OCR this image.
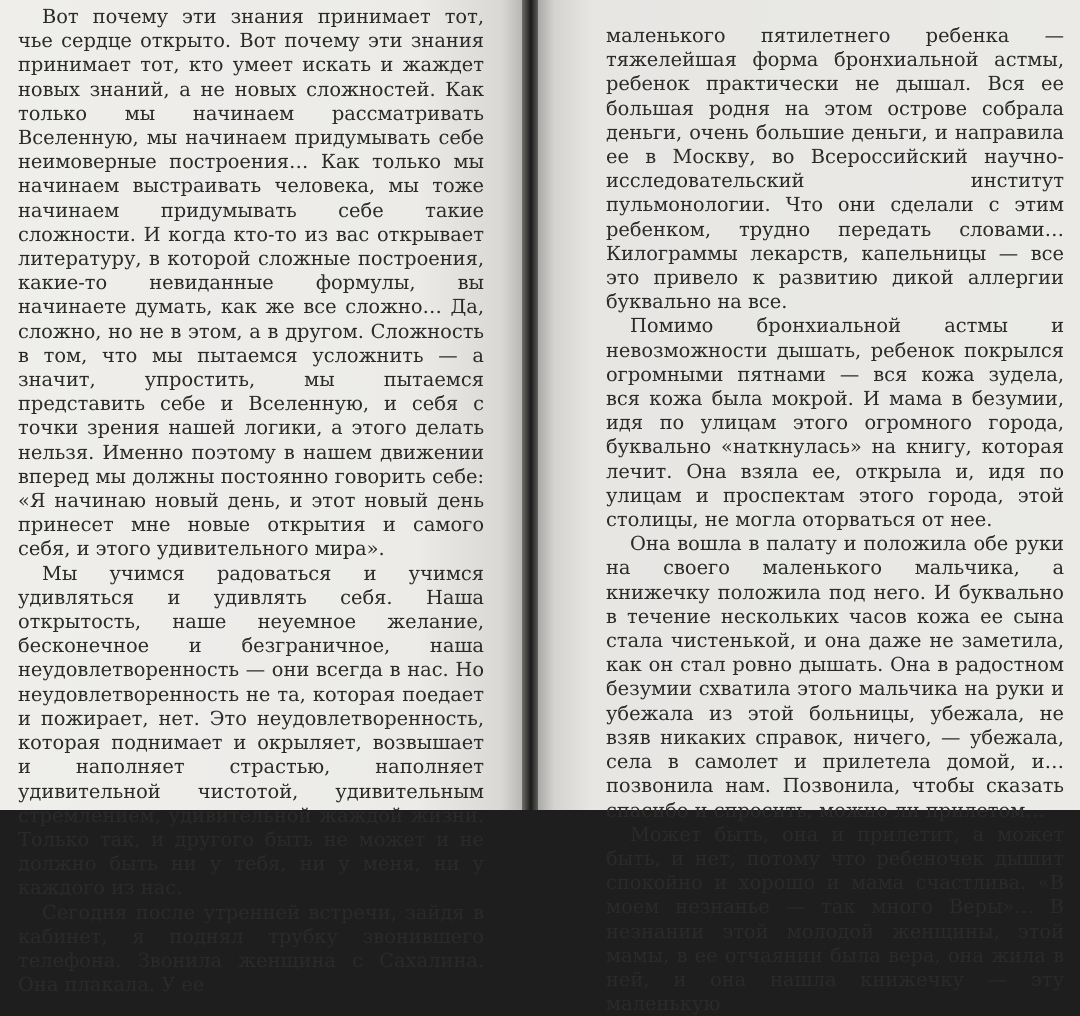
Вот почему эти знания принимает тот, чье сердце открыто. Вот почему эти знания принимает тот, кто умеет искать и жаждет новых знаний, а не новых сложностей. Как только мы начинаем рассматривать Вселенную, мы начинаем придумывать себе неимоверные построения… Как только мы начинаем выстраивать человека, мы тоже начинаем придумывать себе такие сложности. И когда кто-то из вас открывает литературу, в которой сложные построения, какие-то невиданные формулы, вы начинаете думать, как же все сложно… Да, сложно, но не в этом, а в другом. Сложность в том, что мы пытаемся усложнить — а значит, упростить, мы пытаемся представить себе и Вселенную, и себя с точки зрения нашей логики, а этого делать нельзя. Именно поэтому в нашем движении вперед мы должны постоянно говорить себе: «Я начинаю новый день, и этот новый день принесет мне новые открытия и самого себя, и этого удивительного мира».

Мы учимся радоваться и учимся удивляться и удивлять себя. Наша открытость, наше неуемное желание, бесконечное и безграничное, наша неудовлетворенность — они всегда в нас. Но неудовлетворенность не та, которая поедает и пожирает, нет. Это неудовлетворенность, которая поднимает и окрыляет, возвышает и наполняет страстью, наполняет удивительной чистотой, удивительным стремлением, удивительной жаждой жизни. Только так, и другого быть не может и не должно быть ни у тебя, ни у меня, ни у каждого из нас.

Сегодня после утренней встречи, зайдя в кабинет, я поднял трубку звонившего телефона. Звонила женщина с Сахалина. Она плакала. У ее

маленького пятилетнего ребенка — тяжелейшая форма бронхиальной астмы, ребенок практически не дышал. Вся ее большая родня на этом острове собрала деньги, очень большие деньги, и направила ее в Москву, во Всероссийский научно-исследовательский институт пульмонологии. Что они сделали с этим ребенком, трудно передать словами… Килограммы лекарств, капельницы — все это привело к развитию дикой аллергии буквально на все.

Помимо бронхиальной астмы и невозможности дышать, ребенок покрылся огромными пятнами — вся кожа зудела, вся кожа была мокрой. И мама в безумии, идя по улицам этого огромного города, буквально «наткнулась» на книгу, которая лечит. Она взяла ее, открыла и, идя по улицам и проспектам этого города, этой столицы, не могла оторваться от нее.

Она вошла в палату и положила обе руки на своего маленького мальчика, а книжечку положила под него. И буквально в течение нескольких часов кожа ее сына стала чистенькой, и она даже не заметила, как он стал ровно дышать. Она в радостном безумии схватила этого мальчика на руки и убежала из этой больницы, убежала, не взяв никаких справок, ничего, — убежала, села в самолет и прилетела домой, и… позвонила нам. Позвонила, чтобы сказать спасибо и спросить, можно ли прилетом…

Может быть, она и прилетит, а может быть, и нет, потому что ребеночек дышит спокойно и хорошо и мама счастлива. «В моем незнанье — так много Веры»… В незнании этой молодой женщины, этой мамы, в ее отчаянии была вера, она жила в ней, и она нашла книжечку — эту маленькую
